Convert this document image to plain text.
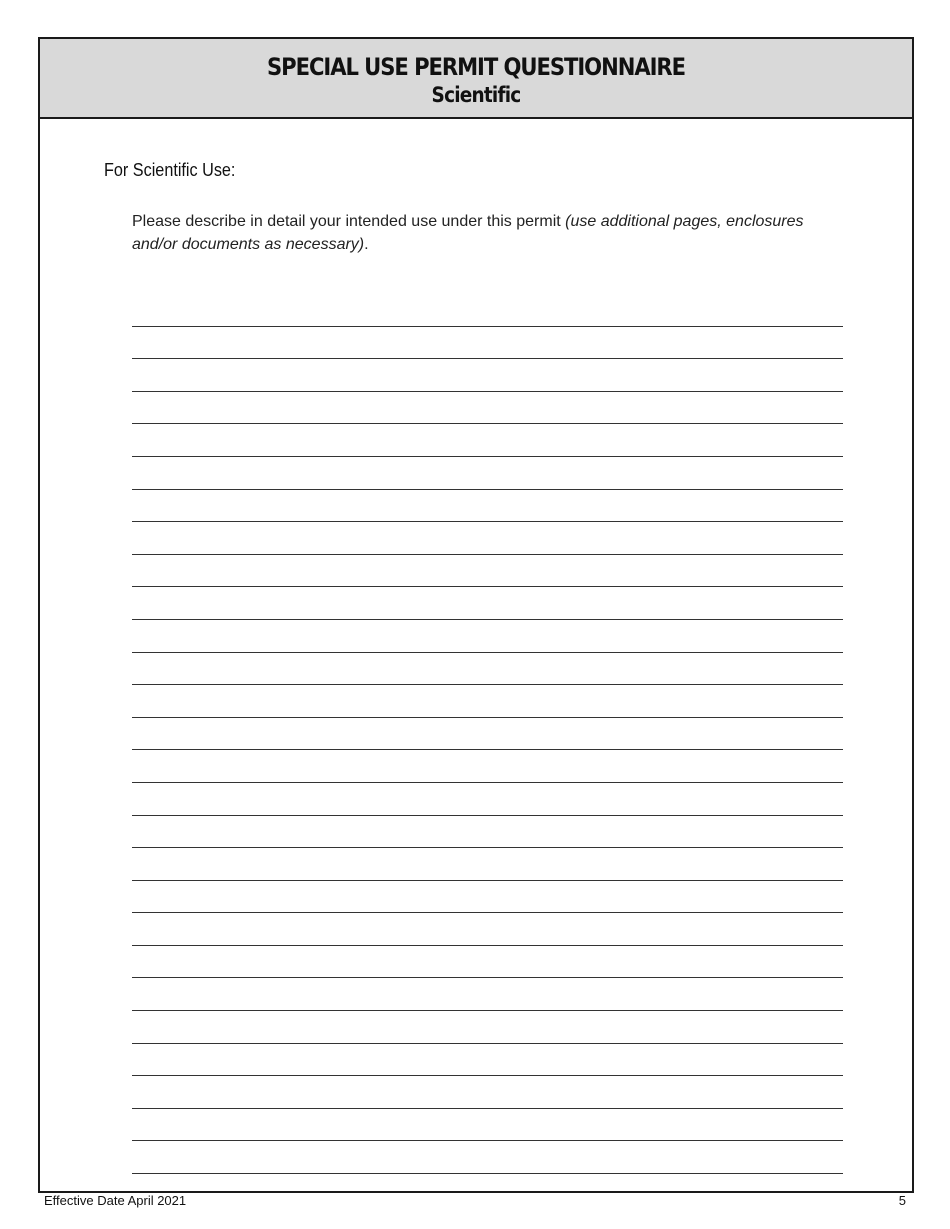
SPECIAL USE PERMIT QUESTIONNAIRE
Scientific
For Scientific Use:
Please describe in detail your intended use under this permit (use additional pages, enclosures and/or documents as necessary).
Effective Date April 2021	5
